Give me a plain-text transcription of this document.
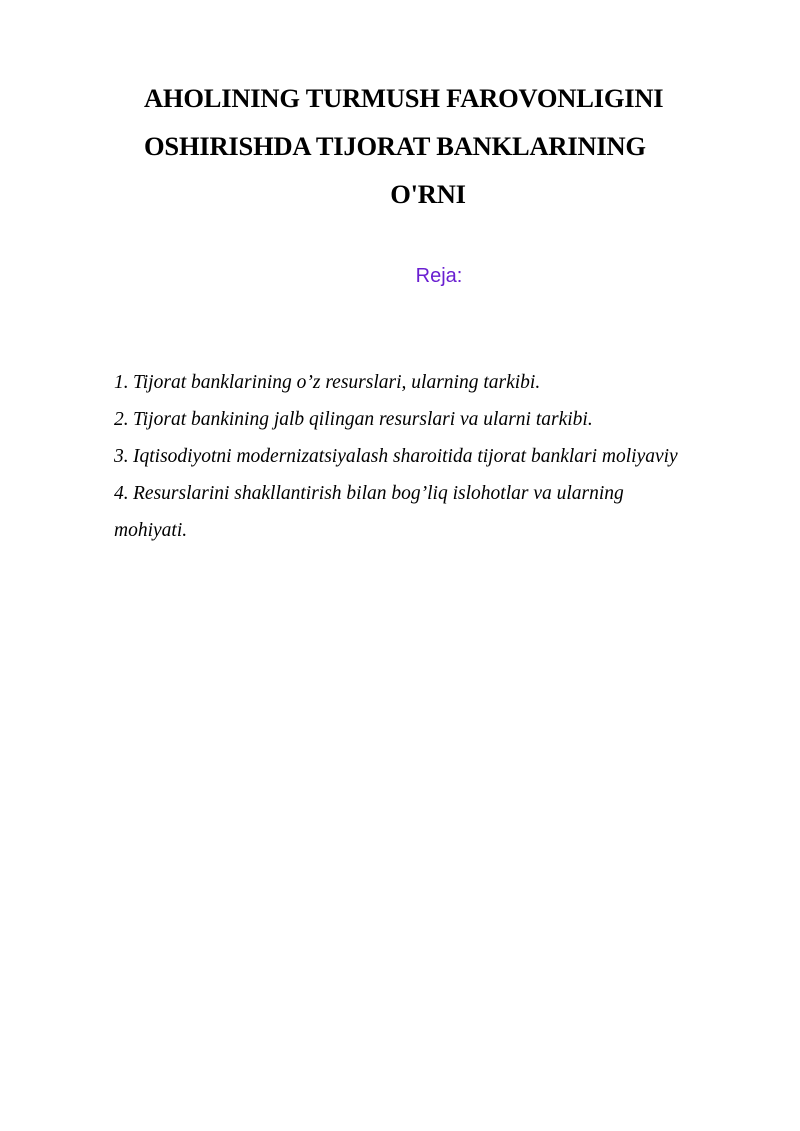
AHOLINING TURMUSH FAROVONLIGINI
OSHIRISHDA TIJORAT BANKLARINING
O'RNI

Reja:

1. Tijorat banklarining o’z resurslari, ularning tarkibi.
2. Tijorat bankining jalb qilingan resurslari va ularni tarkibi.
3. Iqtisodiyotni modernizatsiyalash sharoitida tijorat banklari moliyaviy
4. Resurslarini shakllantirish bilan bog’liq islohotlar va ularning
mohiyati.
